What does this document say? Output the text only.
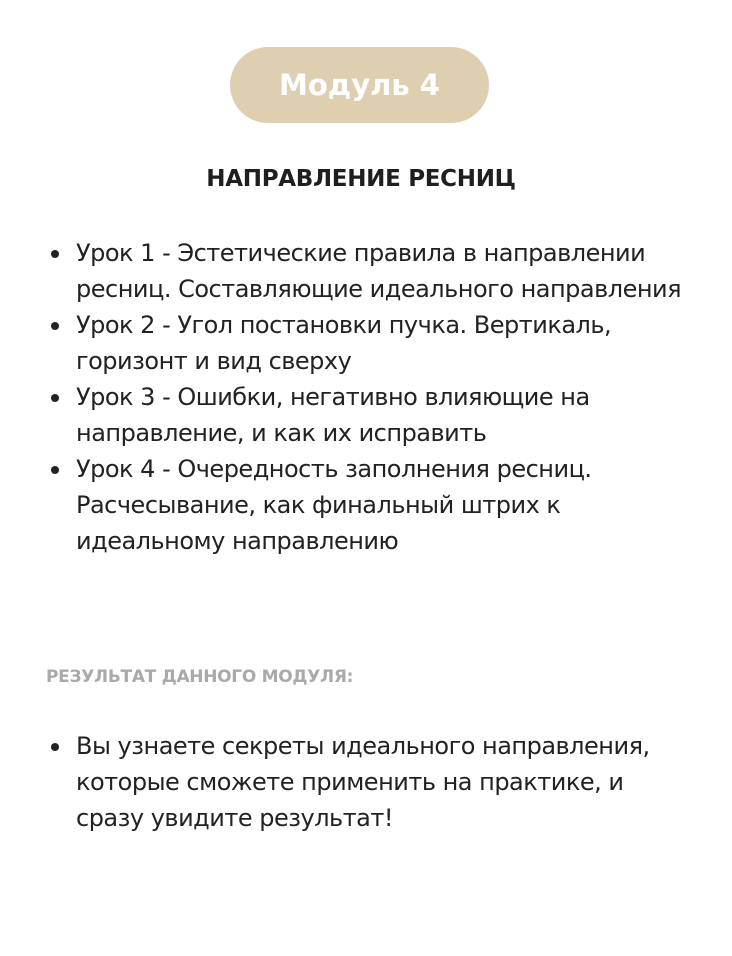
Модуль 4
НАПРАВЛЕНИЕ РЕСНИЦ
Урок 1 - Эстетические правила в направлении ресниц. Составляющие идеального направления
Урок 2 - Угол постановки пучка. Вертикаль, горизонт и вид сверху
Урок 3 - Ошибки, негативно влияющие на направление, и как их исправить
Урок 4 - Очередность заполнения ресниц. Расчесывание, как финальный штрих к идеальному направлению
РЕЗУЛЬТАТ ДАННОГО МОДУЛЯ:
Вы узнаете секреты идеального направления, которые сможете применить на практике, и сразу увидите результат!
